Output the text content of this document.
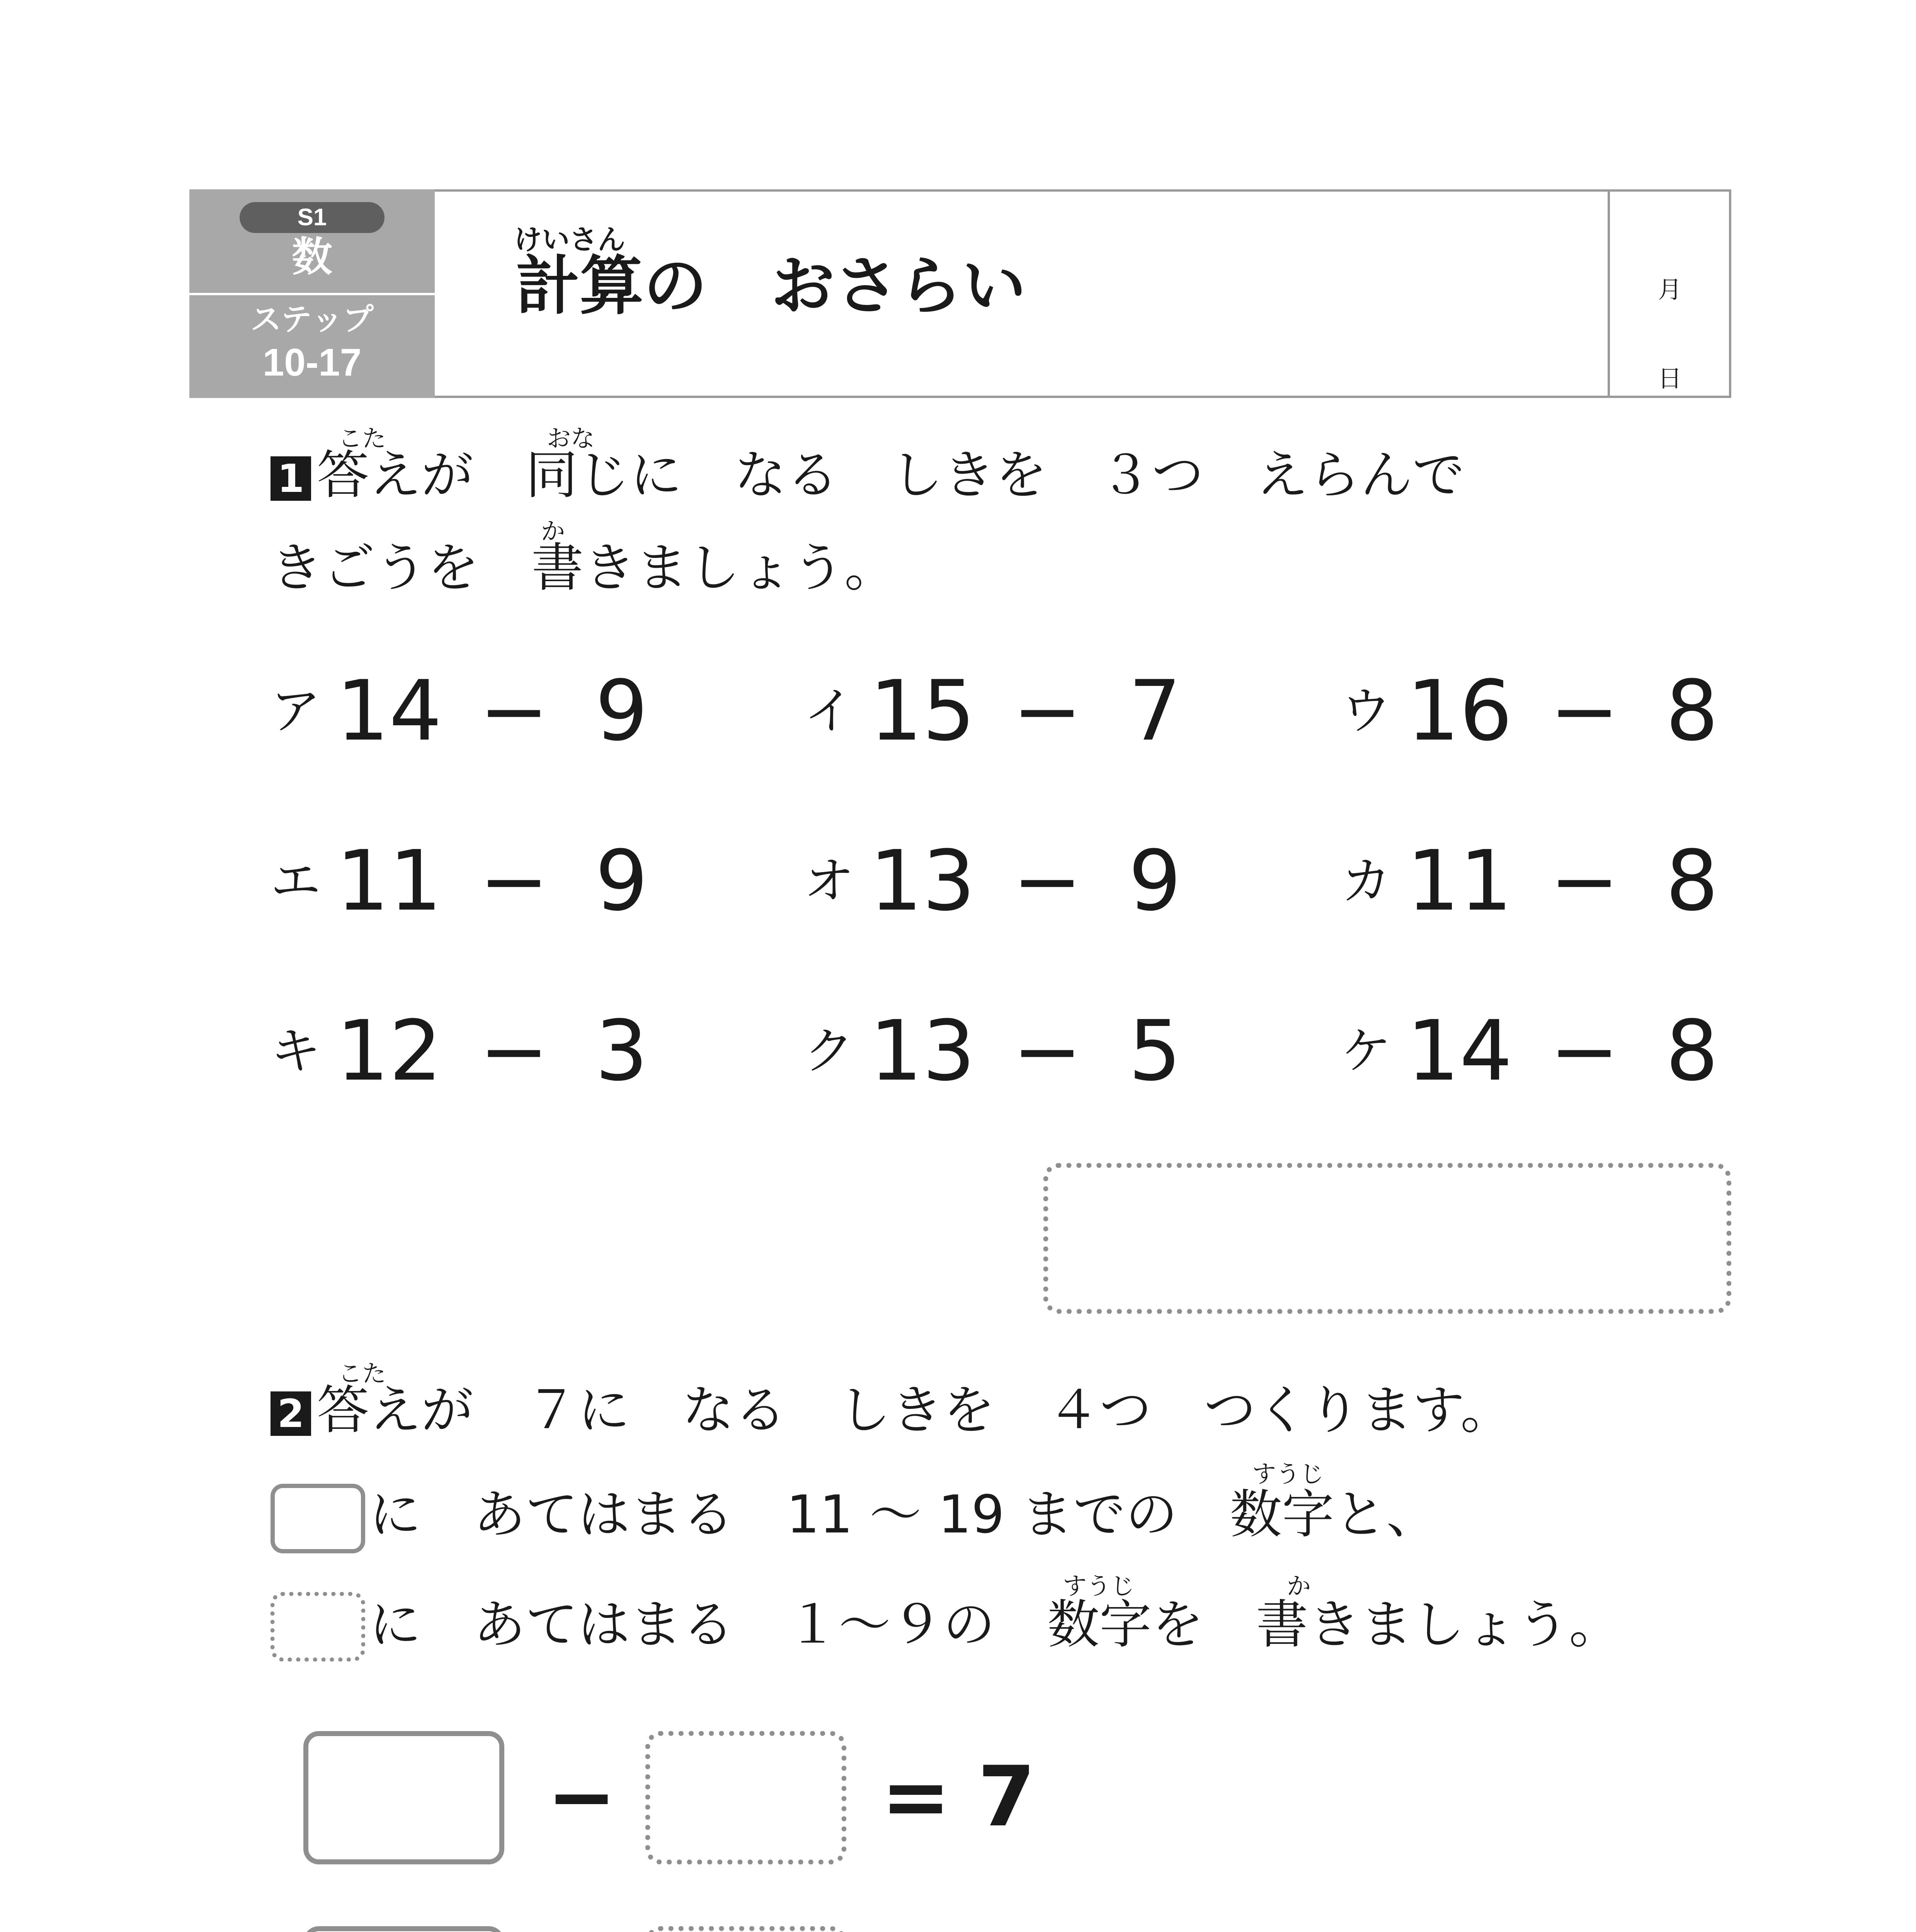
S1
数
ステップ
10-17
けいさん
計算の　おさらい	月
日
こた	おな
1 答えが　同じに　なる　しきを　３つ　えらんで
か
きごうを　書きましょう。
ア 14 − 9	イ 15 − 7	ウ 16 − 8
エ 11 − 9	オ 13 − 9	カ 11 − 8
キ 12 − 3	ク 13 − 5	ケ 14 − 8
こた
2 答えが　７に　なる　しきを　４つ　つくります。
すうじ
に　あてはまる　11 ～ 19 までの　数字と、
すうじ	か
に　あてはまる　１～９の　数字を　書きましょう。
−	= 7
